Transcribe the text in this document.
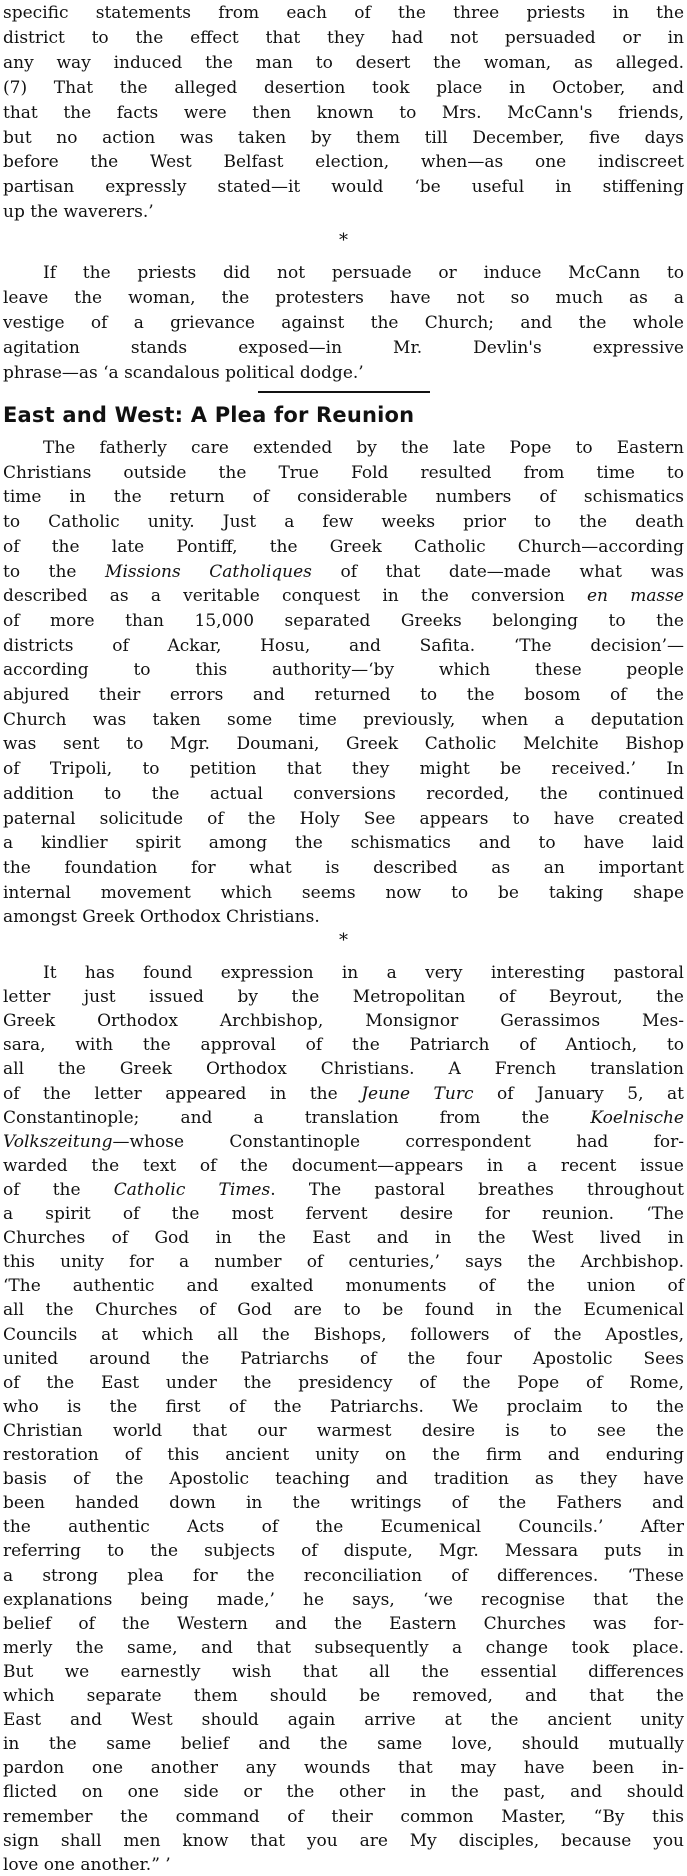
specific statements from each of the three priests in the
district to the effect that they had not persuaded or in
any way induced the man to desert the woman, as alleged.
(7) That the alleged desertion took place in October, and
that the facts were then known to Mrs. McCann's friends,
but no action was taken by them till December, five days
before the West Belfast election, when—as one indiscreet
partisan expressly stated—it would ‘be useful in stiffening
up the waverers.’
*
If the priests did not persuade or induce McCann to
leave the woman, the protesters have not so much as a
vestige of a grievance against the Church; and the whole
agitation stands exposed—in Mr. Devlin's expressive
phrase—as ‘a scandalous political dodge.’
East and West: A Plea for Reunion
The fatherly care extended by the late Pope to Eastern
Christians outside the True Fold resulted from time to
time in the return of considerable numbers of schismatics
to Catholic unity. Just a few weeks prior to the death
of the late Pontiff, the Greek Catholic Church—according
to the Missions Catholiques of that date—made what was
described as a veritable conquest in the conversion en masse
of more than 15,000 separated Greeks belonging to the
districts of Ackar, Hosu, and Safita. ‘The decision’—
according to this authority—‘by which these people
abjured their errors and returned to the bosom of the
Church was taken some time previously, when a deputation
was sent to Mgr. Doumani, Greek Catholic Melchite Bishop
of Tripoli, to petition that they might be received.’ In
addition to the actual conversions recorded, the continued
paternal solicitude of the Holy See appears to have created
a kindlier spirit among the schismatics and to have laid
the foundation for what is described as an important
internal movement which seems now to be taking shape
amongst Greek Orthodox Christians.
*
It has found expression in a very interesting pastoral
letter just issued by the Metropolitan of Beyrout, the
Greek Orthodox Archbishop, Monsignor Gerassimos Mes-
sara, with the approval of the Patriarch of Antioch, to
all the Greek Orthodox Christians. A French translation
of the letter appeared in the Jeune Turc of January 5, at
Constantinople; and a translation from the Koelnische
Volkszeitung—whose Constantinople correspondent had for-
warded the text of the document—appears in a recent issue
of the Catholic Times. The pastoral breathes throughout
a spirit of the most fervent desire for reunion. ‘The
Churches of God in the East and in the West lived in
this unity for a number of centuries,’ says the Archbishop.
‘The authentic and exalted monuments of the union of
all the Churches of God are to be found in the Ecumenical
Councils at which all the Bishops, followers of the Apostles,
united around the Patriarchs of the four Apostolic Sees
of the East under the presidency of the Pope of Rome,
who is the first of the Patriarchs. We proclaim to the
Christian world that our warmest desire is to see the
restoration of this ancient unity on the firm and enduring
basis of the Apostolic teaching and tradition as they have
been handed down in the writings of the Fathers and
the authentic Acts of the Ecumenical Councils.’ After
referring to the subjects of dispute, Mgr. Messara puts in
a strong plea for the reconciliation of differences. ‘These
explanations being made,’ he says, ‘we recognise that the
belief of the Western and the Eastern Churches was for-
merly the same, and that subsequently a change took place.
But we earnestly wish that all the essential differences
which separate them should be removed, and that the
East and West should again arrive at the ancient unity
in the same belief and the same love, should mutually
pardon one another any wounds that may have been in-
flicted on one side or the other in the past, and should
remember the command of their common Master, “By this
sign shall men know that you are My disciples, because you
love one another.” ’
